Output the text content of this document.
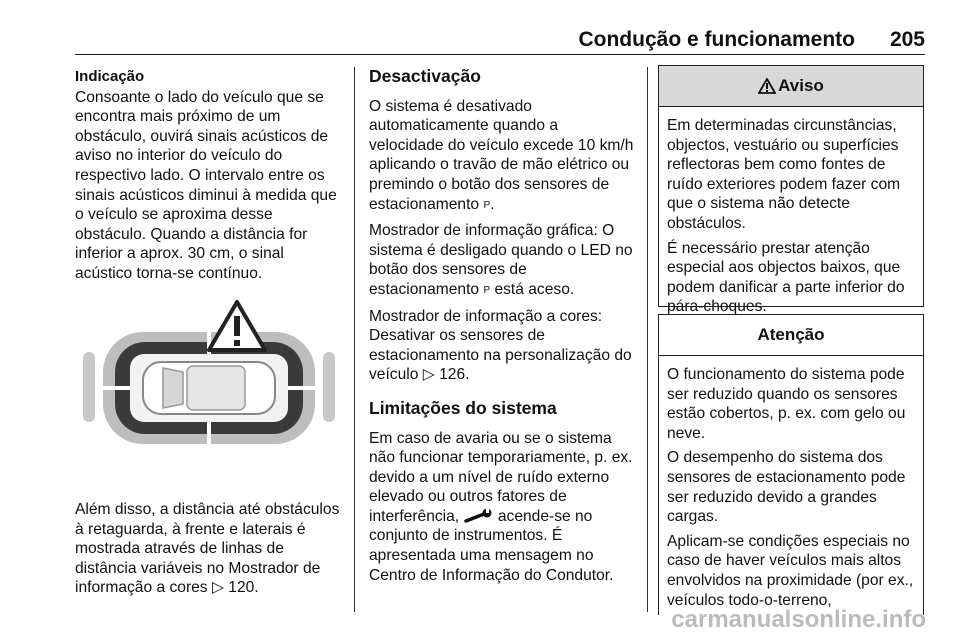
Condução e funcionamento 205
Indicação

Consoante o lado do veículo que se encontra mais próximo de um obstáculo, ouvirá sinais acústicos de aviso no interior do veículo do respectivo lado. O intervalo entre os sinais acústicos diminui à medida que o veículo se aproxima desse obstáculo. Quando a distância for inferior a aprox. 30 cm, o sinal acústico torna-se contínuo.

Além disso, a distância até obstáculos à retaguarda, à frente e laterais é mostrada através de linhas de distância variáveis no Mostrador de informação a cores ▷ 120.

Desactivação

O sistema é desativado automaticamente quando a velocidade do veículo excede 10 km/h aplicando o travão de mão elétrico ou premindo o botão dos sensores de estacionamento P.

Mostrador de informação gráfica: O sistema é desligado quando o LED no botão dos sensores de estacionamento P está aceso.

Mostrador de informação a cores: Desativar os sensores de estacionamento na personalização do veículo ▷ 126.

Limitações do sistema

Em caso de avaria ou se o sistema não funcionar temporariamente, p. ex. devido a um nível de ruído externo elevado ou outros fatores de interferência, acende-se no conjunto de instrumentos. É apresentada uma mensagem no Centro de Informação do Condutor.

Aviso

Em determinadas circunstâncias, objectos, vestuário ou superfícies reflectoras bem como fontes de ruído exteriores podem fazer com que o sistema não detecte obstáculos.

É necessário prestar atenção especial aos objectos baixos, que podem danificar a parte inferior do pára-choques.

Atenção

O funcionamento do sistema pode ser reduzido quando os sensores estão cobertos, p. ex. com gelo ou neve.

O desempenho do sistema dos sensores de estacionamento pode ser reduzido devido a grandes cargas.

Aplicam-se condições especiais no caso de haver veículos mais altos envolvidos na proximidade (por ex., veículos todo-o-terreno,

carmanualsonline.info
